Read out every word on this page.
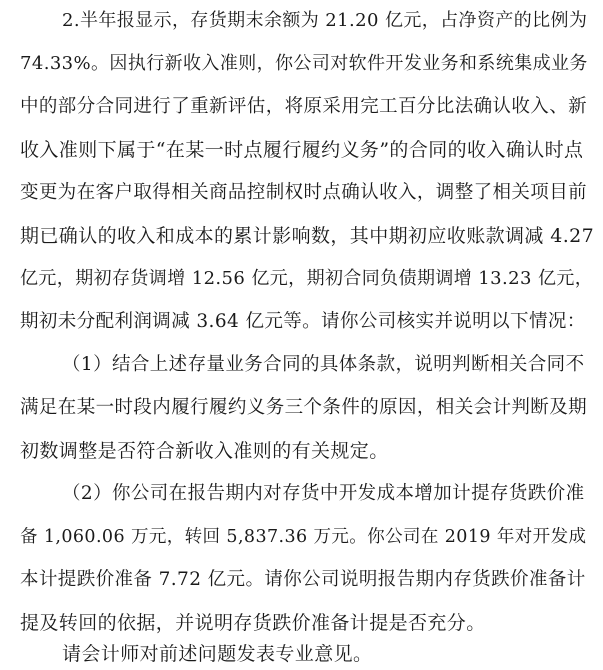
2.半年报显示，存货期末余额为 21.20 亿元，占净资产的比例为
74.33%。因执行新收入准则，你公司对软件开发业务和系统集成业务
中的部分合同进行了重新评估，将原采用完工百分比法确认收入、新
收入准则下属于“在某一时点履行履约义务”的合同的收入确认时点
变更为在客户取得相关商品控制权时点确认收入，调整了相关项目前
期已确认的收入和成本的累计影响数，其中期初应收账款调减 4.27
亿元，期初存货调增 12.56 亿元，期初合同负债期调增 13.23 亿元，
期初未分配利润调减 3.64 亿元等。请你公司核实并说明以下情况：
（1）结合上述存量业务合同的具体条款，说明判断相关合同不
满足在某一时段内履行履约义务三个条件的原因，相关会计判断及期
初数调整是否符合新收入准则的有关规定。
（2）你公司在报告期内对存货中开发成本增加计提存货跌价准
备 1,060.06 万元，转回 5,837.36 万元。你公司在 2019 年对开发成
本计提跌价准备 7.72 亿元。请你公司说明报告期内存货跌价准备计
提及转回的依据，并说明存货跌价准备计提是否充分。
请会计师对前述问题发表专业意见。
